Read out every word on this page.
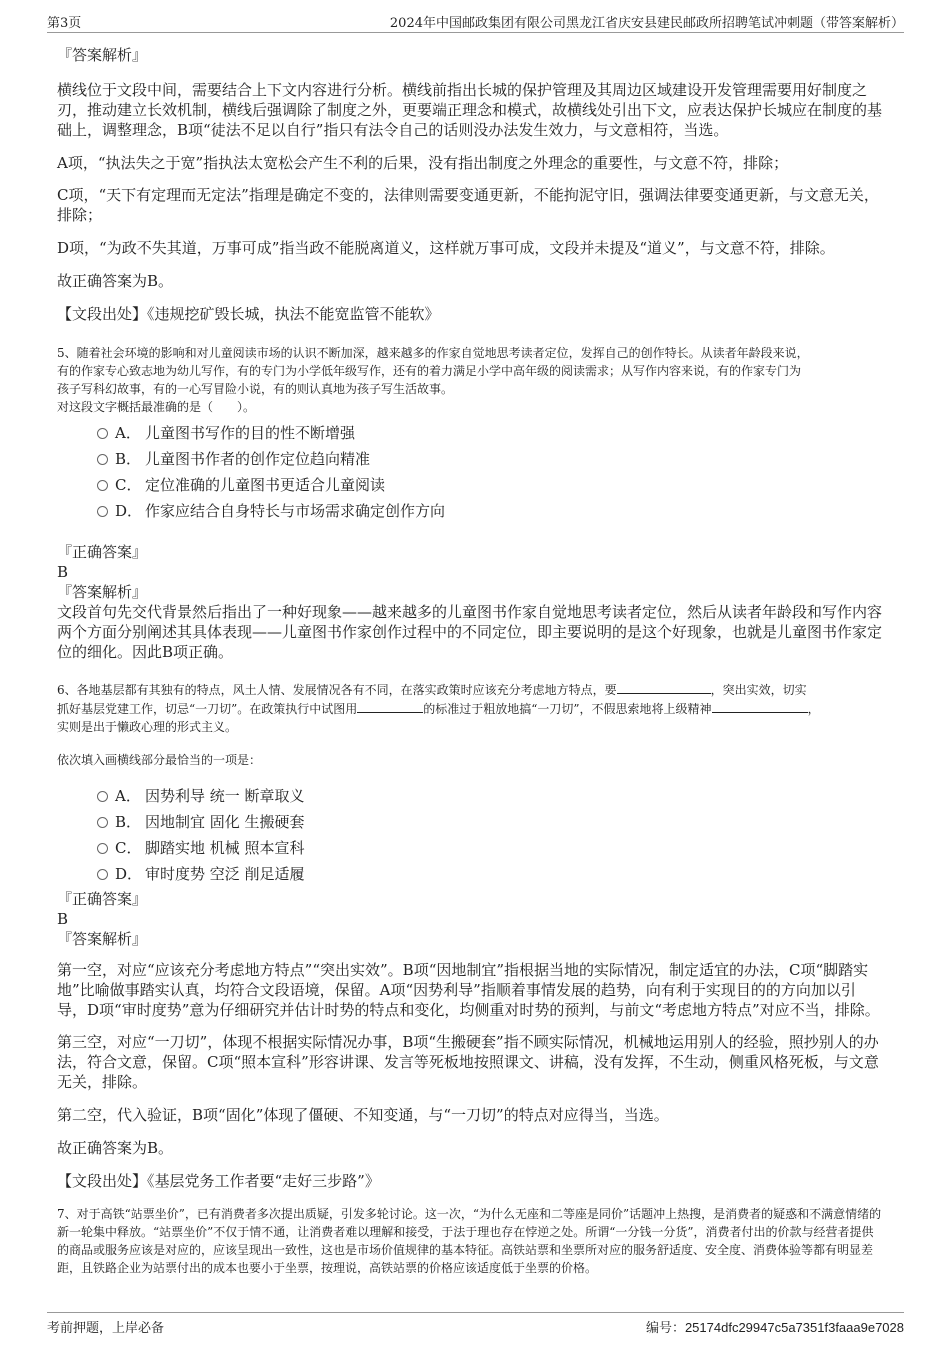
第3页	2024年中国邮政集团有限公司黑龙江省庆安县建民邮政所招聘笔试冲刺题（带答案解析）

『答案解析』

横线位于文段中间，需要结合上下文内容进行分析。横线前指出长城的保护管理及其周边区域建设开发管理需要用好制度之刃，推动建立长效机制，横线后强调除了制度之外，更要端正理念和模式，故横线处引出下文，应表达保护长城应在制度的基础上，调整理念，B项“徒法不足以自行”指只有法令自己的话则没办法发生效力，与文意相符，当选。

A项，“执法失之于宽”指执法太宽松会产生不利的后果，没有指出制度之外理念的重要性，与文意不符，排除；

C项，“天下有定理而无定法”指理是确定不变的，法律则需要变通更新，不能拘泥守旧，强调法律要变通更新，与文意无关，排除；

D项，“为政不失其道，万事可成”指当政不能脱离道义，这样就万事可成，文段并未提及“道义”，与文意不符，排除。

故正确答案为B。

【文段出处】《违规挖矿毁长城，执法不能宽监管不能软》

5、随着社会环境的影响和对儿童阅读市场的认识不断加深，越来越多的作家自觉地思考读者定位，发挥自己的创作特长。从读者年龄段来说，

有的作家专心致志地为幼儿写作，有的专门为小学低年级写作，还有的着力满足小学中高年级的阅读需求；从写作内容来说，有的作家专门为

孩子写科幻故事，有的一心写冒险小说，有的则认真地为孩子写生活故事。

对这段文字概括最准确的是（　　）。

A． 儿童图书写作的目的性不断增强
B． 儿童图书作者的创作定位趋向精准
C． 定位准确的儿童图书更适合儿童阅读
D． 作家应结合自身特长与市场需求确定创作方向

『正确答案』

B

『答案解析』

文段首句先交代背景然后指出了一种好现象——越来越多的儿童图书作家自觉地思考读者定位，然后从读者年龄段和写作内容两个方面分别阐述其具体表现——儿童图书作家创作过程中的不同定位，即主要说明的是这个好现象，也就是儿童图书作家定位的细化。因此B项正确。

6、各地基层都有其独有的特点，风土人情、发展情况各有不同，在落实政策时应该充分考虑地方特点，要	，突出实效，切实
抓好基层党建工作，切忌“一刀切”。在政策执行中试图用	的标准过于粗放地搞“一刀切”，不假思索地将上级精神	，
实则是出于懒政心理的形式主义。

依次填入画横线部分最恰当的一项是：

A． 因势利导 统一 断章取义
B． 因地制宜 固化 生搬硬套
C． 脚踏实地 机械 照本宣科
D． 审时度势 空泛 削足适履

『正确答案』

B

『答案解析』

第一空，对应“应该充分考虑地方特点”“突出实效”。B项“因地制宜”指根据当地的实际情况，制定适宜的办法，C项“脚踏实地”比喻做事踏实认真，均符合文段语境，保留。A项“因势利导”指顺着事情发展的趋势，向有利于实现目的的方向加以引导，D项“审时度势”意为仔细研究并估计时势的特点和变化，均侧重对时势的预判，与前文“考虑地方特点”对应不当，排除。

第三空，对应“一刀切”，体现不根据实际情况办事，B项“生搬硬套”指不顾实际情况，机械地运用别人的经验，照抄别人的办法，符合文意，保留。C项“照本宣科”形容讲课、发言等死板地按照课文、讲稿，没有发挥，不生动，侧重风格死板，与文意无关，排除。

第二空，代入验证，B项“固化”体现了僵硬、不知变通，与“一刀切”的特点对应得当，当选。

故正确答案为B。

【文段出处】《基层党务工作者要“走好三步路”》

7、对于高铁“站票坐价”，已有消费者多次提出质疑，引发多轮讨论。这一次，“为什么无座和二等座是同价”话题冲上热搜，是消费者的疑惑和不满意情绪的新一轮集中释放。“站票坐价”不仅于情不通，让消费者难以理解和接受，于法于理也存在悖逆之处。所谓“一分钱一分货”，消费者付出的价款与经营者提供的商品或服务应该是对应的，应该呈现出一致性，这也是市场价值规律的基本特征。高铁站票和坐票所对应的服务舒适度、安全度、消费体验等都有明显差距，且铁路企业为站票付出的成本也要小于坐票，按理说，高铁站票的价格应该适度低于坐票的价格。

考前押题，上岸必备	编号：25174dfc29947c5a7351f3faaa9e7028
